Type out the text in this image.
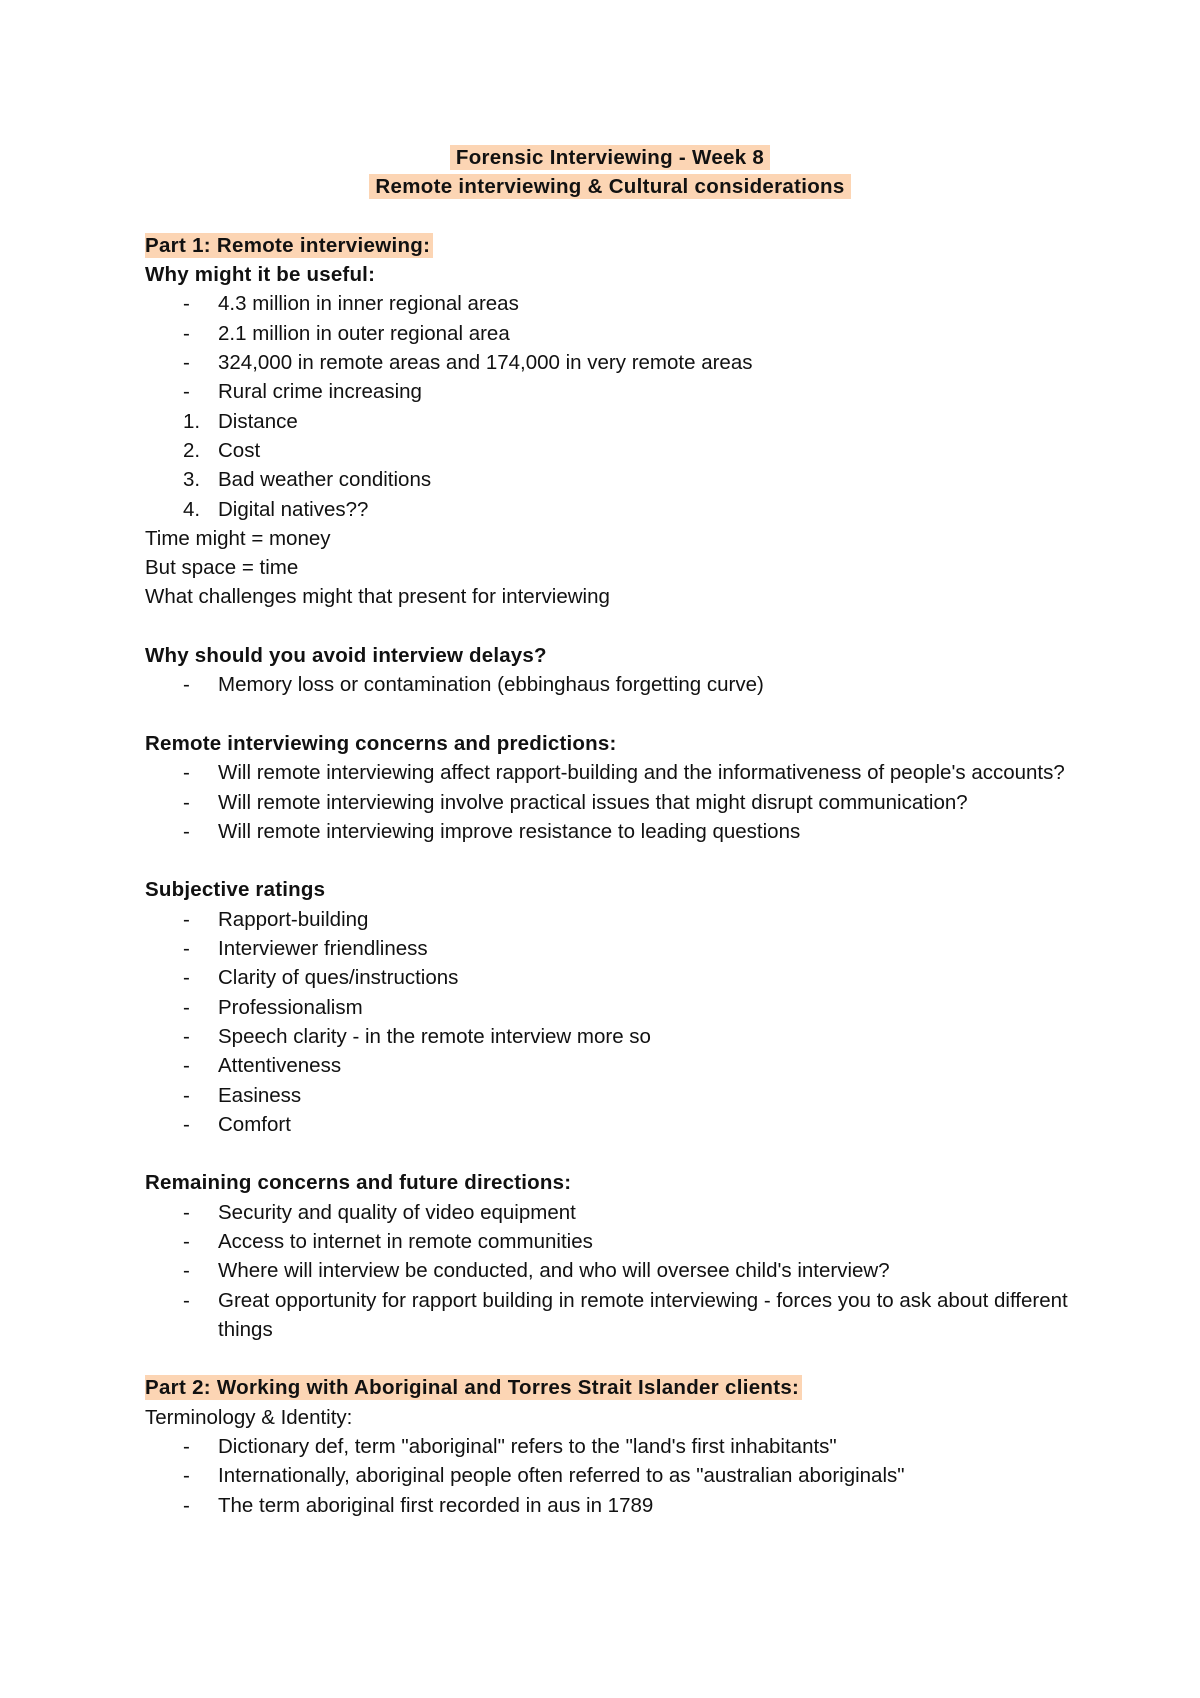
Forensic Interviewing - Week 8
Remote interviewing & Cultural considerations
Part 1: Remote interviewing:
Why might it be useful:
- 4.3 million in inner regional areas
- 2.1 million in outer regional area
- 324,000 in remote areas and 174,000 in very remote areas
- Rural crime increasing
1. Distance
2. Cost
3. Bad weather conditions
4. Digital natives??
Time might = money
But space = time
What challenges might that present for interviewing
Why should you avoid interview delays?
- Memory loss or contamination (ebbinghaus forgetting curve)
Remote interviewing concerns and predictions:
- Will remote interviewing affect rapport-building and the informativeness of people's accounts?
- Will remote interviewing involve practical issues that might disrupt communication?
- Will remote interviewing improve resistance to leading questions
Subjective ratings
- Rapport-building
- Interviewer friendliness
- Clarity of ques/instructions
- Professionalism
- Speech clarity - in the remote interview more so
- Attentiveness
- Easiness
- Comfort
Remaining concerns and future directions:
- Security and quality of video equipment
- Access to internet in remote communities
- Where will interview be conducted, and who will oversee child's interview?
- Great opportunity for rapport building in remote interviewing - forces you to ask about different things
Part 2: Working with Aboriginal and Torres Strait Islander clients:
Terminology & Identity:
- Dictionary def, term "aboriginal" refers to the "land's first inhabitants"
- Internationally, aboriginal people often referred to as "australian aboriginals"
- The term aboriginal first recorded in aus in 1789
